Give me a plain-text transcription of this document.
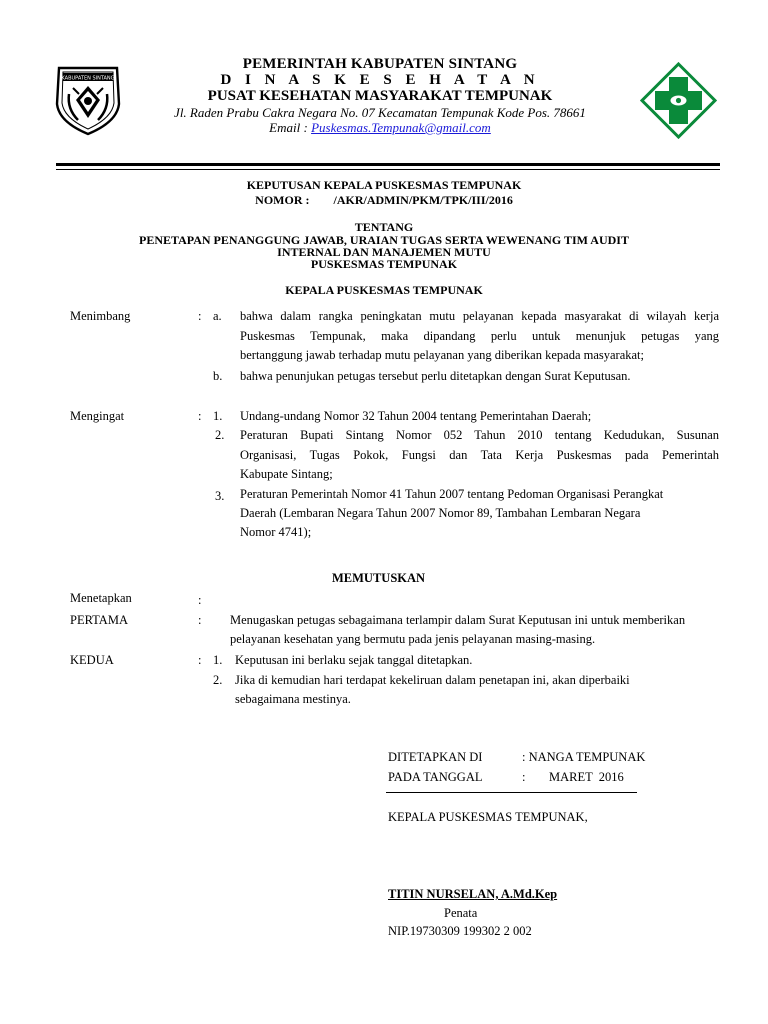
KABUPATEN SINTANG
PEMERINTAH KABUPATEN SINTANG
D I N A S K E S E H A T A N
PUSAT KESEHATAN MASYARAKAT TEMPUNAK
Jl. Raden Prabu Cakra Negara No. 07 Kecamatan Tempunak Kode Pos. 78661
Email : Puskesmas.Tempunak@gmail.com
KEPUTUSAN KEPALA PUSKESMAS TEMPUNAK
NOMOR :        /AKR/ADMIN/PKM/TPK/III/2016
TENTANG
PENETAPAN PENANGGUNG JAWAB, URAIAN TUGAS SERTA WEWENANG TIM AUDIT
INTERNAL DAN MANAJEMEN MUTU
PUSKESMAS TEMPUNAK
KEPALA PUSKESMAS TEMPUNAK
Menimbang	: a. bahwa dalam rangka peningkatan mutu pelayanan kepada masyarakat di wilayah kerja
Puskesmas Tempunak, maka dipandang perlu untuk menunjuk petugas yang
bertanggung jawab terhadap mutu pelayanan yang diberikan kepada masyarakat;
b. bahwa penunjukan petugas tersebut perlu ditetapkan dengan Surat Keputusan.
Mengingat	: 1. Undang-undang Nomor 32 Tahun 2004 tentang Pemerintahan Daerah;
2. Peraturan Bupati Sintang Nomor 052 Tahun 2010 tentang Kedudukan, Susunan
Organisasi, Tugas Pokok, Fungsi dan Tata Kerja Puskesmas pada Pemerintah
Kabupate Sintang;
3. Peraturan Pemerintah Nomor 41 Tahun 2007 tentang Pedoman Organisasi Perangkat
Daerah (Lembaran Negara Tahun 2007 Nomor 89, Tambahan Lembaran Negara
Nomor 4741);
MEMUTUSKAN
Menetapkan	:
PERTAMA	: Menugaskan petugas sebagaimana terlampir dalam Surat Keputusan ini untuk memberikan
pelayanan kesehatan yang bermutu pada jenis pelayanan masing-masing.
KEDUA	: 1. Keputusan ini berlaku sejak tanggal ditetapkan.
2. Jika di kemudian hari terdapat kekeliruan dalam penetapan ini, akan diperbaiki
sebagaimana mestinya.
DITETAPKAN DI	: NANGA TEMPUNAK
PADA TANGGAL	: MARET  2016
KEPALA PUSKESMAS TEMPUNAK,
TITIN NURSELAN, A.Md.Kep
Penata
NIP.19730309 199302 2 002
